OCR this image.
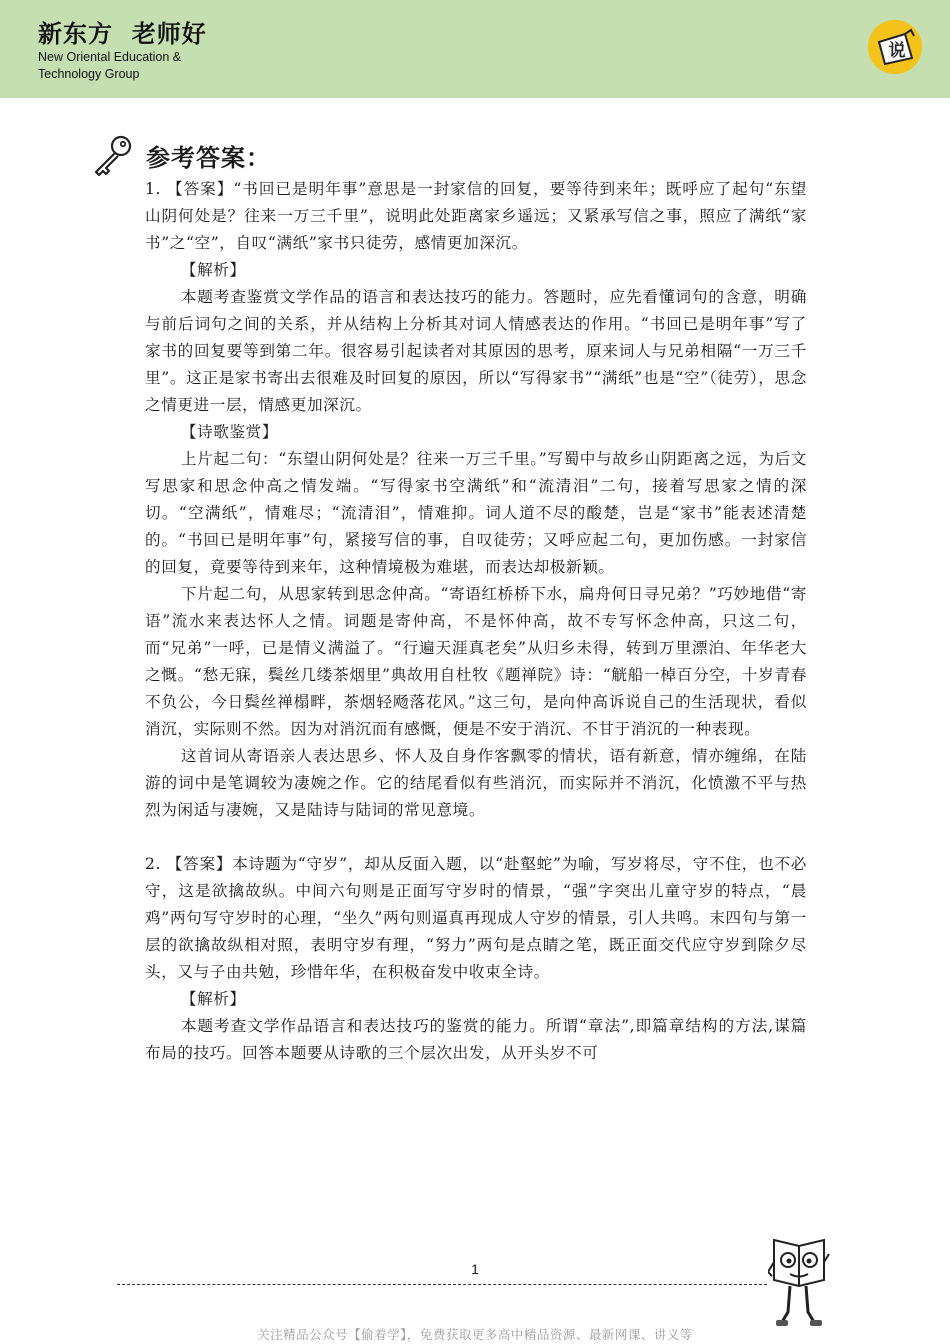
新东方  老师好
New Oriental Education &
Technology Group
说
参考答案：

1. 【答案】“书回已是明年事”意思是一封家信的回复，要等待到来年；既呼应了起句“东望山阴何处是？往来一万三千里”，说明此处距离家乡遥远；又紧承写信之事，照应了满纸“家书”之“空”，自叹“满纸”家书只徒劳，感情更加深沉。

【解析】

本题考查鉴赏文学作品的语言和表达技巧的能力。答题时，应先看懂词句的含意，明确与前后词句之间的关系，并从结构上分析其对词人情感表达的作用。“书回已是明年事”写了家书的回复要等到第二年。很容易引起读者对其原因的思考，原来词人与兄弟相隔“一万三千里”。这正是家书寄出去很难及时回复的原因，所以“写得家书”“满纸”也是“空”（徒劳），思念之情更进一层，情感更加深沉。

【诗歌鉴赏】

上片起二句：“东望山阴何处是？往来一万三千里。”写蜀中与故乡山阴距离之远，为后文写思家和思念仲高之情发端。“写得家书空满纸”和“流清泪”二句，接着写思家之情的深切。“空满纸”，情难尽；“流清泪”，情难抑。词人道不尽的酸楚，岂是“家书”能表述清楚的。“书回已是明年事”句，紧接写信的事，自叹徒劳；又呼应起二句，更加伤感。一封家信的回复，竟要等待到来年，这种情境极为难堪，而表达却极新颖。

下片起二句，从思家转到思念仲高。“寄语红桥桥下水，扁舟何日寻兄弟？”巧妙地借“寄语”流水来表达怀人之情。词题是寄仲高，不是怀仲高，故不专写怀念仲高，只这二句，而“兄弟”一呼，已是情义满溢了。“行遍天涯真老矣”从归乡未得，转到万里漂泊、年华老大之慨。“愁无寐，鬓丝几缕茶烟里”典故用自杜牧《题禅院》诗：“觥船一棹百分空，十岁青春不负公，今日鬓丝禅榻畔，茶烟轻飏落花风。”这三句，是向仲高诉说自己的生活现状，看似消沉，实际则不然。因为对消沉而有感慨，便是不安于消沉、不甘于消沉的一种表现。

这首词从寄语亲人表达思乡、怀人及自身作客飘零的情状，语有新意，情亦缠绵，在陆游的词中是笔调较为凄婉之作。它的结尾看似有些消沉，而实际并不消沉，化愤激不平与热烈为闲适与凄婉，又是陆诗与陆词的常见意境。

2. 【答案】本诗题为“守岁”，却从反面入题，以“赴壑蛇”为喻，写岁将尽，守不住，也不必守，这是欲擒故纵。中间六句则是正面写守岁时的情景，“强”字突出儿童守岁的特点，“晨鸡”两句写守岁时的心理，“坐久”两句则逼真再现成人守岁的情景，引人共鸣。末四句与第一层的欲擒故纵相对照，表明守岁有理，“努力”两句是点睛之笔，既正面交代应守岁到除夕尽头，又与子由共勉，珍惜年华，在积极奋发中收束全诗。

【解析】

本题考查文学作品语言和表达技巧的鉴赏的能力。所谓“章法”,即篇章结构的方法,谋篇布局的技巧。回答本题要从诗歌的三个层次出发，从开头岁不可

1
关注精品公众号【偷着学】，免费获取更多高中精品资源、最新网课、讲义等
